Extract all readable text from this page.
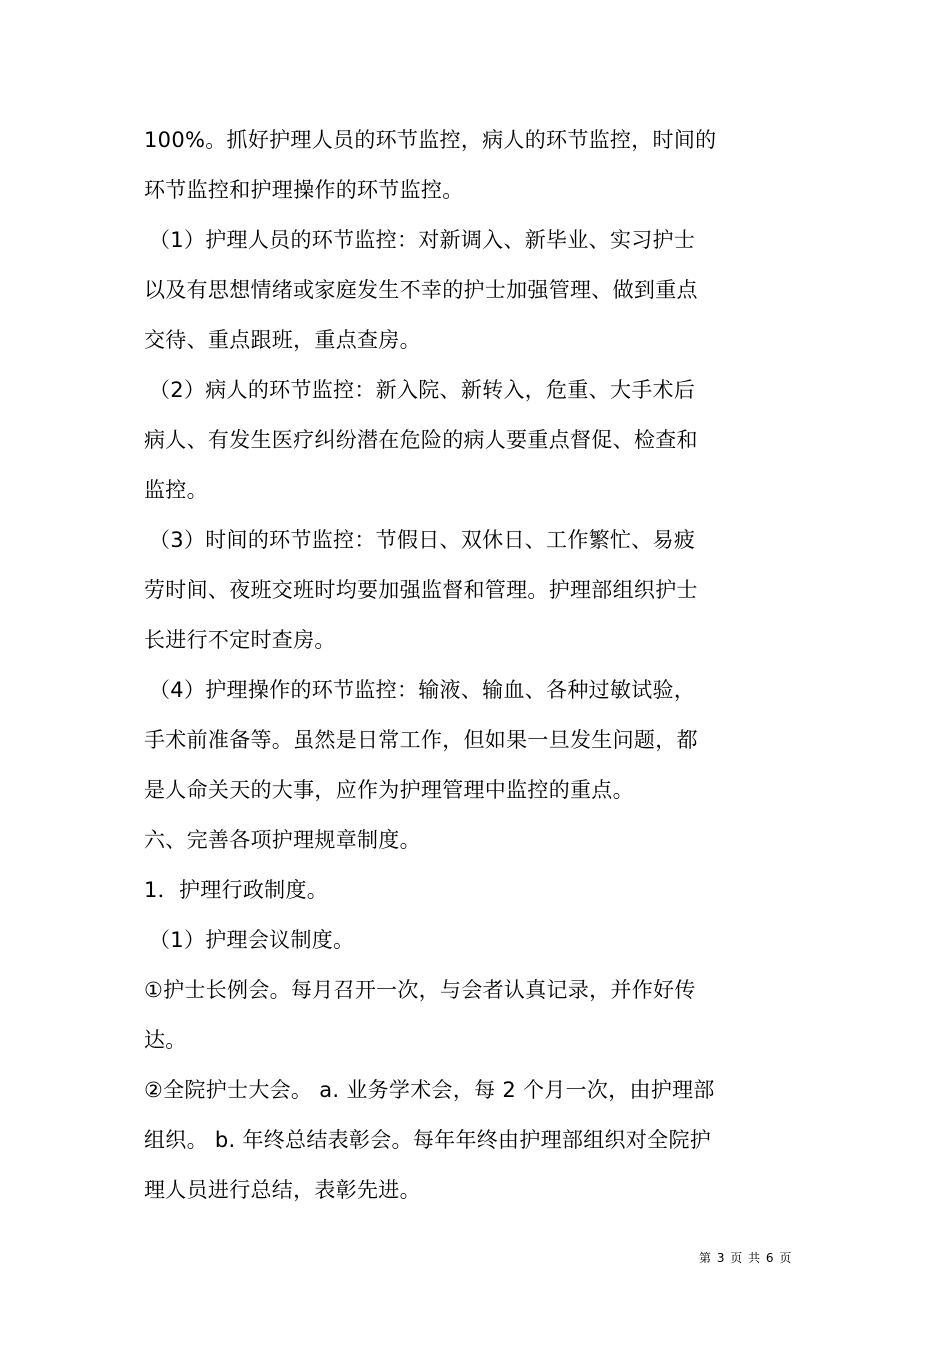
100%。抓好护理人员的环节监控，病人的环节监控，时间的
环节监控和护理操作的环节监控。
（1）护理人员的环节监控：对新调入、新毕业、实习护士
以及有思想情绪或家庭发生不幸的护士加强管理、做到重点
交待、重点跟班，重点查房。
（2）病人的环节监控：新入院、新转入，危重、大手术后
病人、有发生医疗纠纷潜在危险的病人要重点督促、检查和
监控。
（3）时间的环节监控：节假日、双休日、工作繁忙、易疲
劳时间、夜班交班时均要加强监督和管理。护理部组织护士
长进行不定时查房。
（4）护理操作的环节监控：输液、输血、各种过敏试验，
手术前准备等。虽然是日常工作，但如果一旦发生问题，都
是人命关天的大事，应作为护理管理中监控的重点。
六、完善各项护理规章制度。
1．护理行政制度。
（1）护理会议制度。
①护士长例会。每月召开一次，与会者认真记录，并作好传
达。
②全院护士大会。 a. 业务学术会，每 2 个月一次，由护理部
组织。 b. 年终总结表彰会。每年年终由护理部组织对全院护
理人员进行总结，表彰先进。
第 3 页 共 6 页
